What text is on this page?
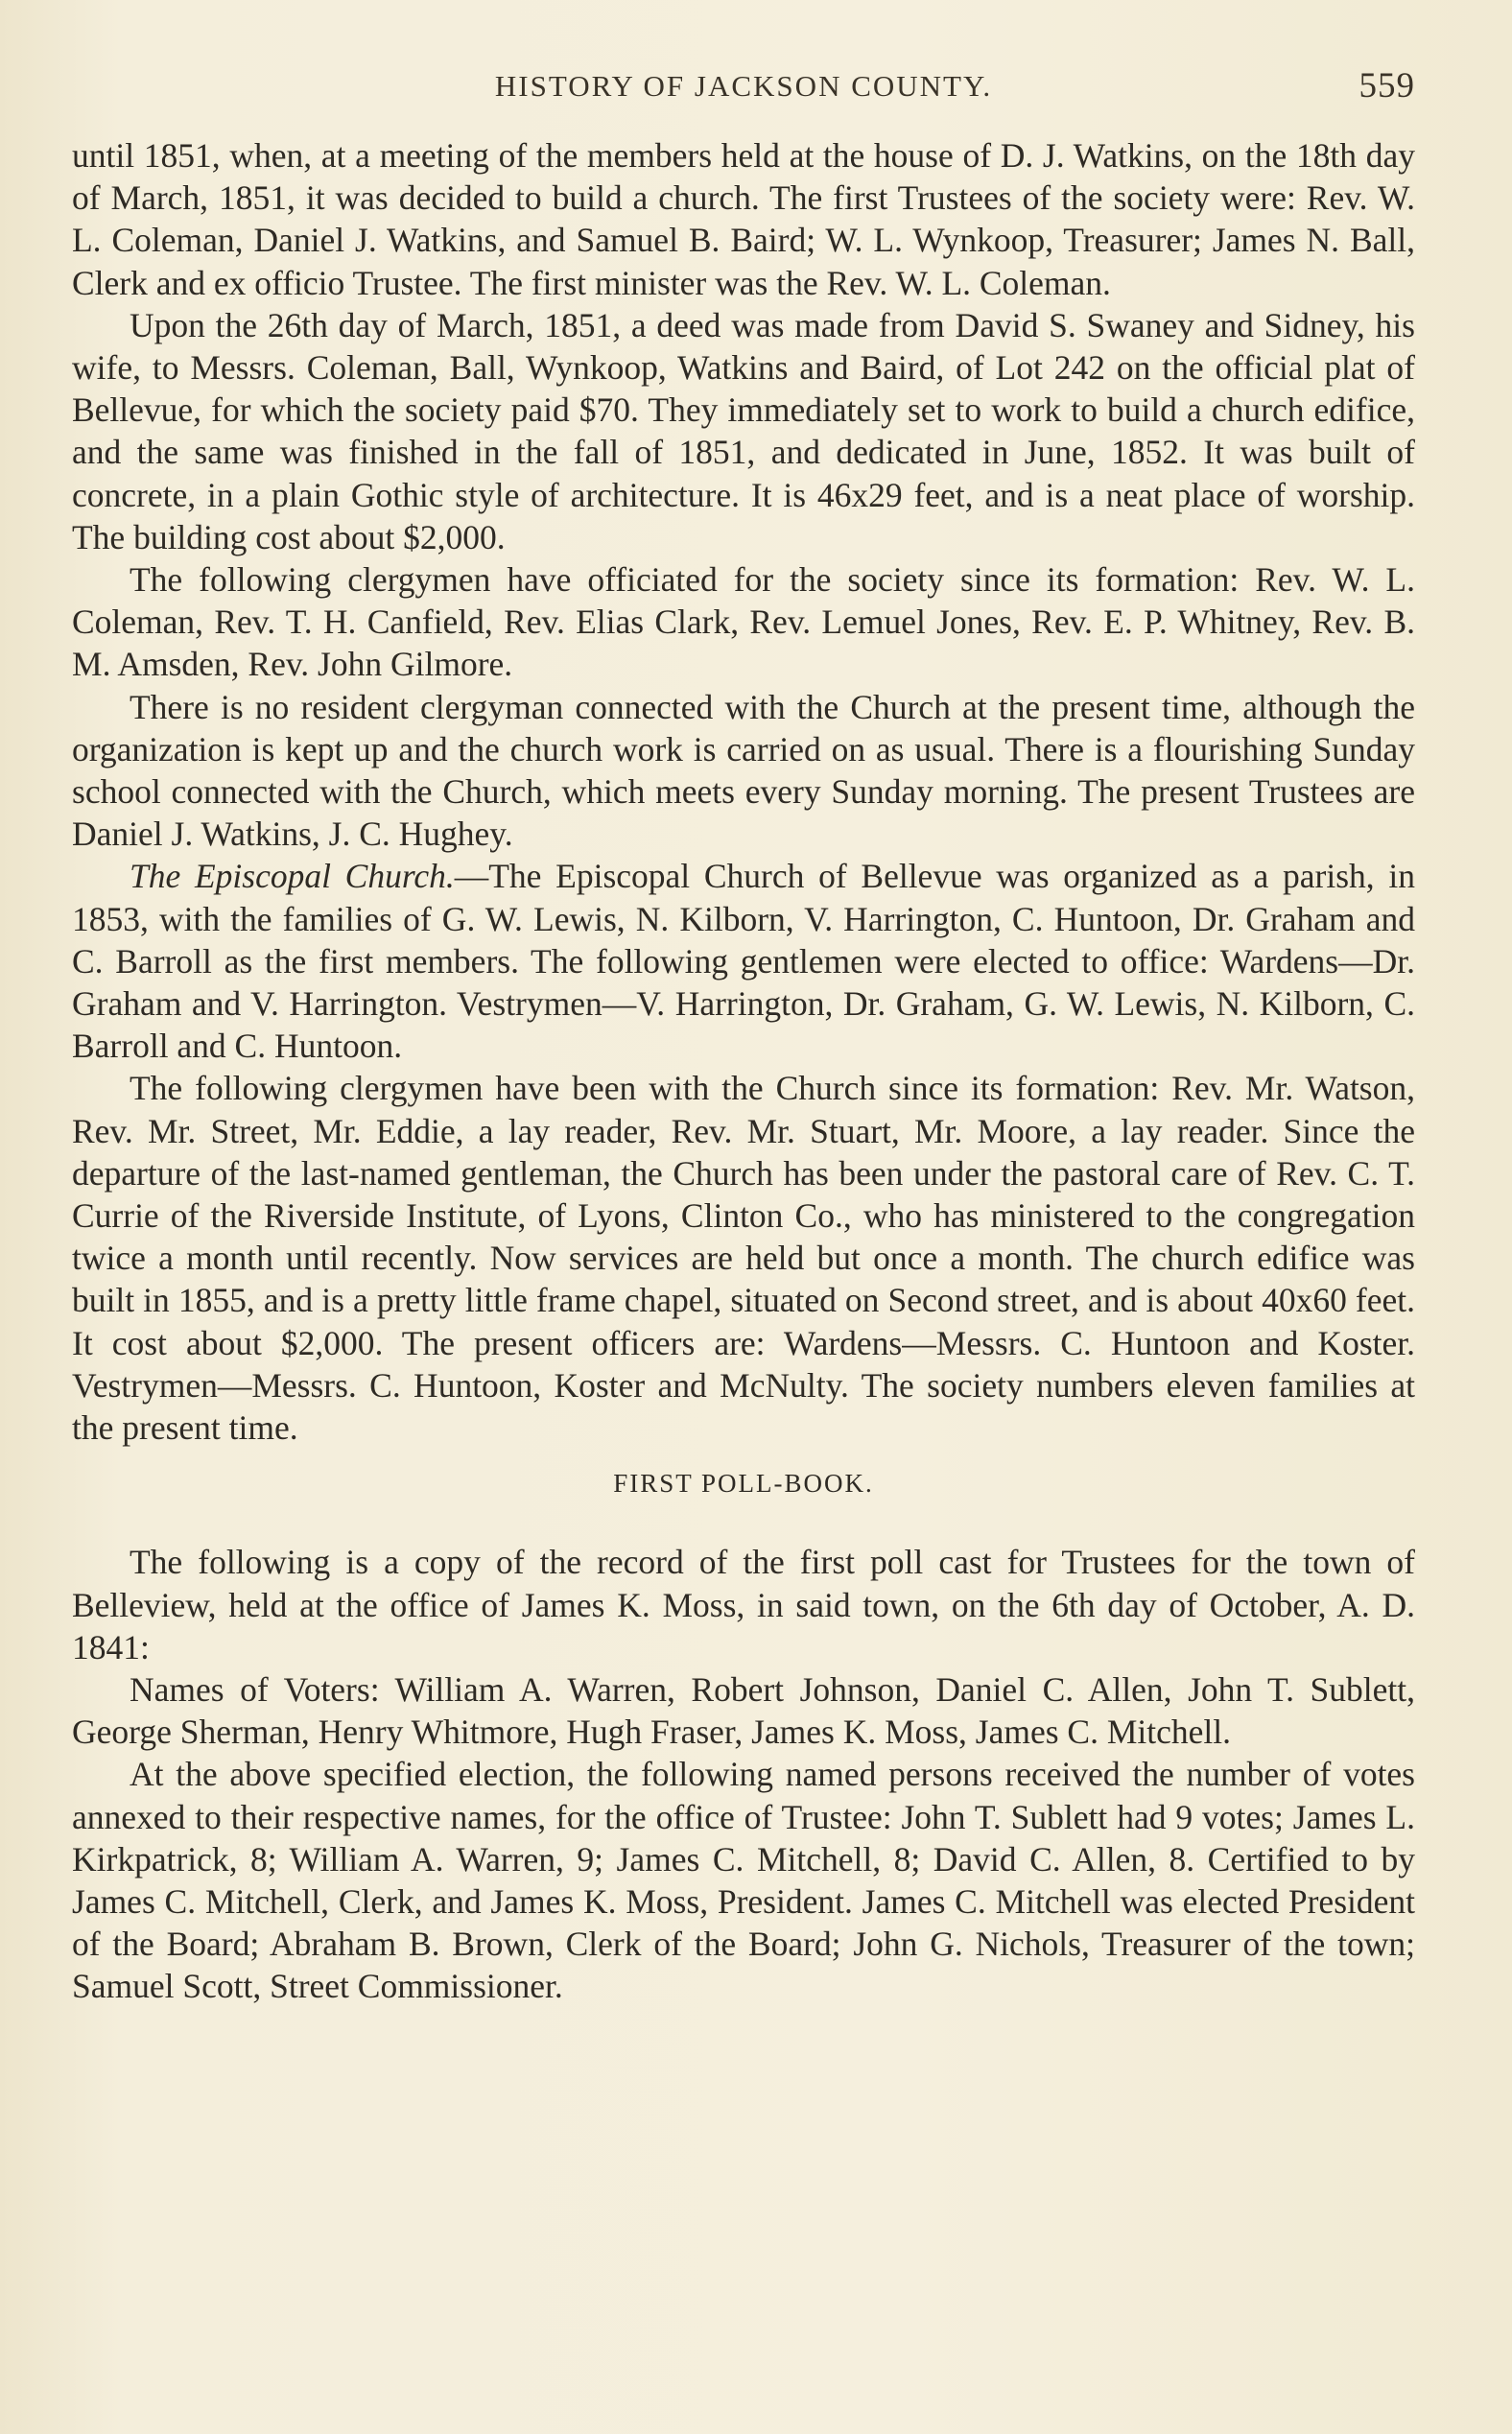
HISTORY OF JACKSON COUNTY.	559

until 1851, when, at a meeting of the members held at the house of D. J. Watkins, on the 18th day of March, 1851, it was decided to build a church. The first Trustees of the society were: Rev. W. L. Coleman, Daniel J. Watkins, and Samuel B. Baird; W. L. Wynkoop, Treasurer; James N. Ball, Clerk and ex officio Trustee. The first minister was the Rev. W. L. Coleman.

Upon the 26th day of March, 1851, a deed was made from David S. Swaney and Sidney, his wife, to Messrs. Coleman, Ball, Wynkoop, Watkins and Baird, of Lot 242 on the official plat of Bellevue, for which the society paid $70. They immediately set to work to build a church edifice, and the same was finished in the fall of 1851, and dedicated in June, 1852. It was built of concrete, in a plain Gothic style of architecture. It is 46x29 feet, and is a neat place of worship. The building cost about $2,000.

The following clergymen have officiated for the society since its formation: Rev. W. L. Coleman, Rev. T. H. Canfield, Rev. Elias Clark, Rev. Lemuel Jones, Rev. E. P. Whitney, Rev. B. M. Amsden, Rev. John Gilmore.

There is no resident clergyman connected with the Church at the present time, although the organization is kept up and the church work is carried on as usual. There is a flourishing Sunday school connected with the Church, which meets every Sunday morning. The present Trustees are Daniel J. Watkins, J. C. Hughey.

The Episcopal Church.—The Episcopal Church of Bellevue was organized as a parish, in 1853, with the families of G. W. Lewis, N. Kilborn, V. Harrington, C. Huntoon, Dr. Graham and C. Barroll as the first members. The following gentlemen were elected to office: Wardens—Dr. Graham and V. Harrington. Vestrymen—V. Harrington, Dr. Graham, G. W. Lewis, N. Kilborn, C. Barroll and C. Huntoon.

The following clergymen have been with the Church since its formation: Rev. Mr. Watson, Rev. Mr. Street, Mr. Eddie, a lay reader, Rev. Mr. Stuart, Mr. Moore, a lay reader. Since the departure of the last-named gentleman, the Church has been under the pastoral care of Rev. C. T. Currie of the Riverside Institute, of Lyons, Clinton Co., who has ministered to the congregation twice a month until recently. Now services are held but once a month. The church edifice was built in 1855, and is a pretty little frame chapel, situated on Second street, and is about 40x60 feet. It cost about $2,000. The present officers are: Wardens—Messrs. C. Huntoon and Koster. Vestrymen—Messrs. C. Huntoon, Koster and McNulty. The society numbers eleven families at the present time.

FIRST POLL-BOOK.

The following is a copy of the record of the first poll cast for Trustees for the town of Belleview, held at the office of James K. Moss, in said town, on the 6th day of October, A. D. 1841:

Names of Voters: William A. Warren, Robert Johnson, Daniel C. Allen, John T. Sublett, George Sherman, Henry Whitmore, Hugh Fraser, James K. Moss, James C. Mitchell.

At the above specified election, the following named persons received the number of votes annexed to their respective names, for the office of Trustee: John T. Sublett had 9 votes; James L. Kirkpatrick, 8; William A. Warren, 9; James C. Mitchell, 8; David C. Allen, 8. Certified to by James C. Mitchell, Clerk, and James K. Moss, President. James C. Mitchell was elected President of the Board; Abraham B. Brown, Clerk of the Board; John G. Nichols, Treasurer of the town; Samuel Scott, Street Commissioner.
